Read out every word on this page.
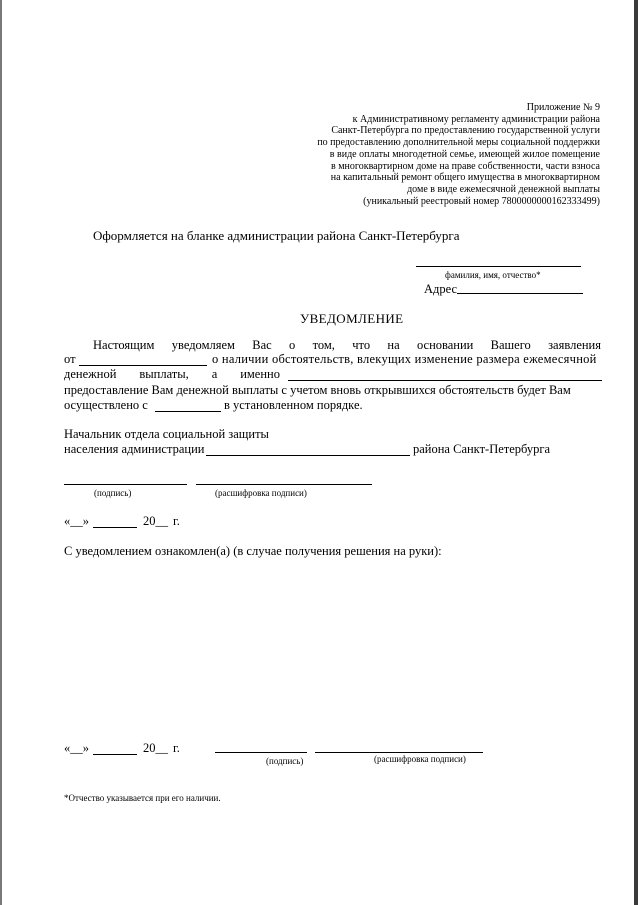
Приложение № 9
к Административному регламенту администрации района
Санкт-Петербурга по предоставлению государственной услуги
по предоставлению дополнительной меры социальной поддержки
в виде оплаты многодетной семье, имеющей жилое помещение
в многоквартирном доме на праве собственности, части взноса
на капитальный ремонт общего имущества в многоквартирном
доме в виде ежемесячной денежной выплаты
(уникальный реестровый номер 7800000000162333499)
Оформляется на бланке администрации района Санкт-Петербурга
фамилия, имя, отчество*
Адрес
УВЕДОМЛЕНИЕ
Настоящим уведомляем Вас о том, что на основании Вашего заявления
от	о наличии обстоятельств, влекущих изменение размера ежемесячной
денежной выплаты, а именно
предоставление Вам денежной выплаты с учетом вновь открывшихся обстоятельств будет Вам
осуществлено с	в установленном порядке.
Начальник отдела социальной защиты
населения администрации	района Санкт-Петербурга
(подпись)	(расшифровка подписи)
«__»	20__ г.
С уведомлением ознакомлен(а) (в случае получения решения на руки):
«__»	20__ г.
(подпись)	(расшифровка подписи)
*Отчество указывается при его наличии.
